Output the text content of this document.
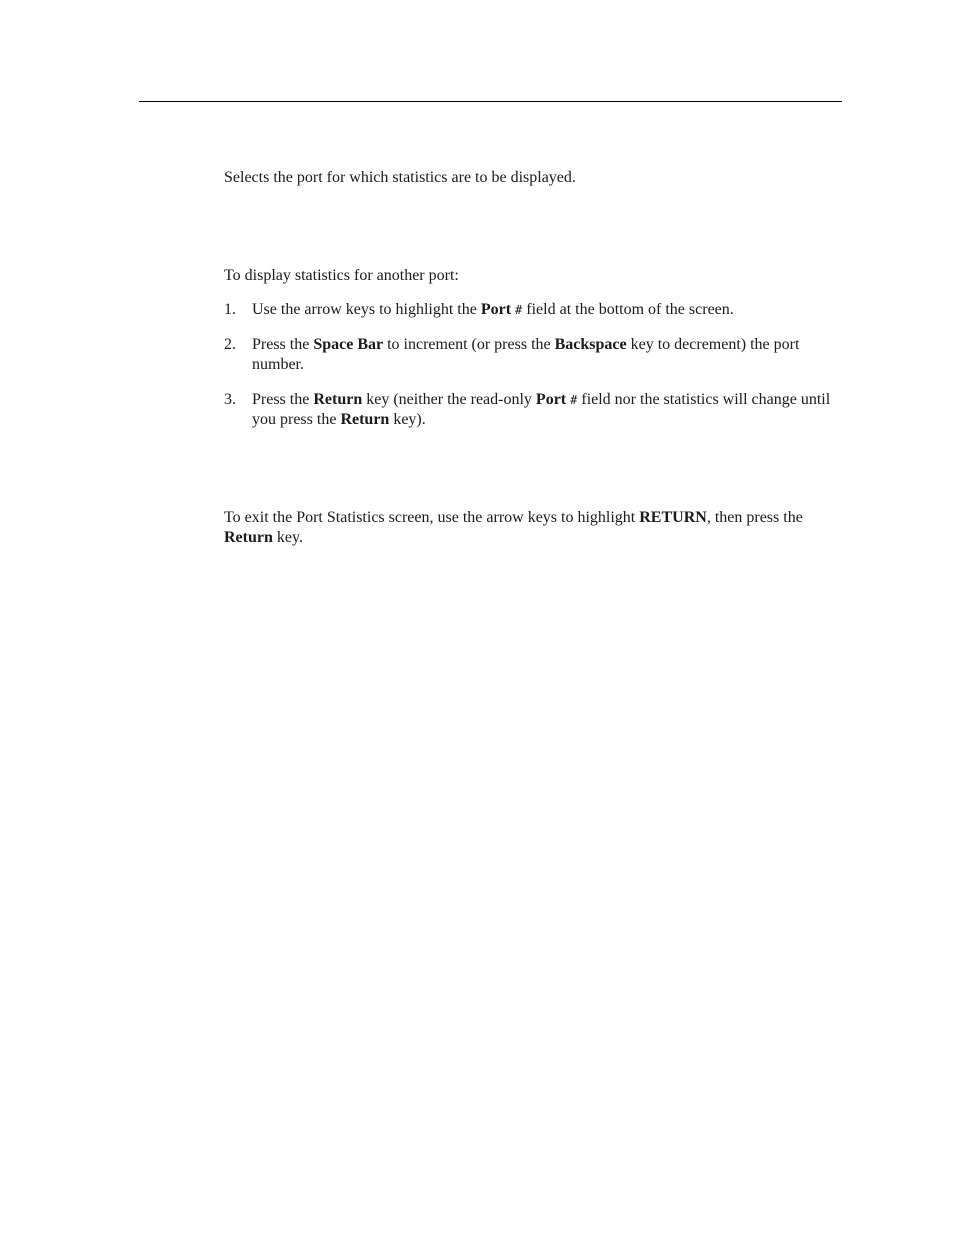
Selects the port for which statistics are to be displayed.

To display statistics for another port:

1. Use the arrow keys to highlight the Port # field at the bottom of the screen.
2. Press the Space Bar to increment (or press the Backspace key to decrement) the port number.
3. Press the Return key (neither the read-only Port # field nor the statistics will change until you press the Return key).

To exit the Port Statistics screen, use the arrow keys to highlight RETURN, then press the Return key.
